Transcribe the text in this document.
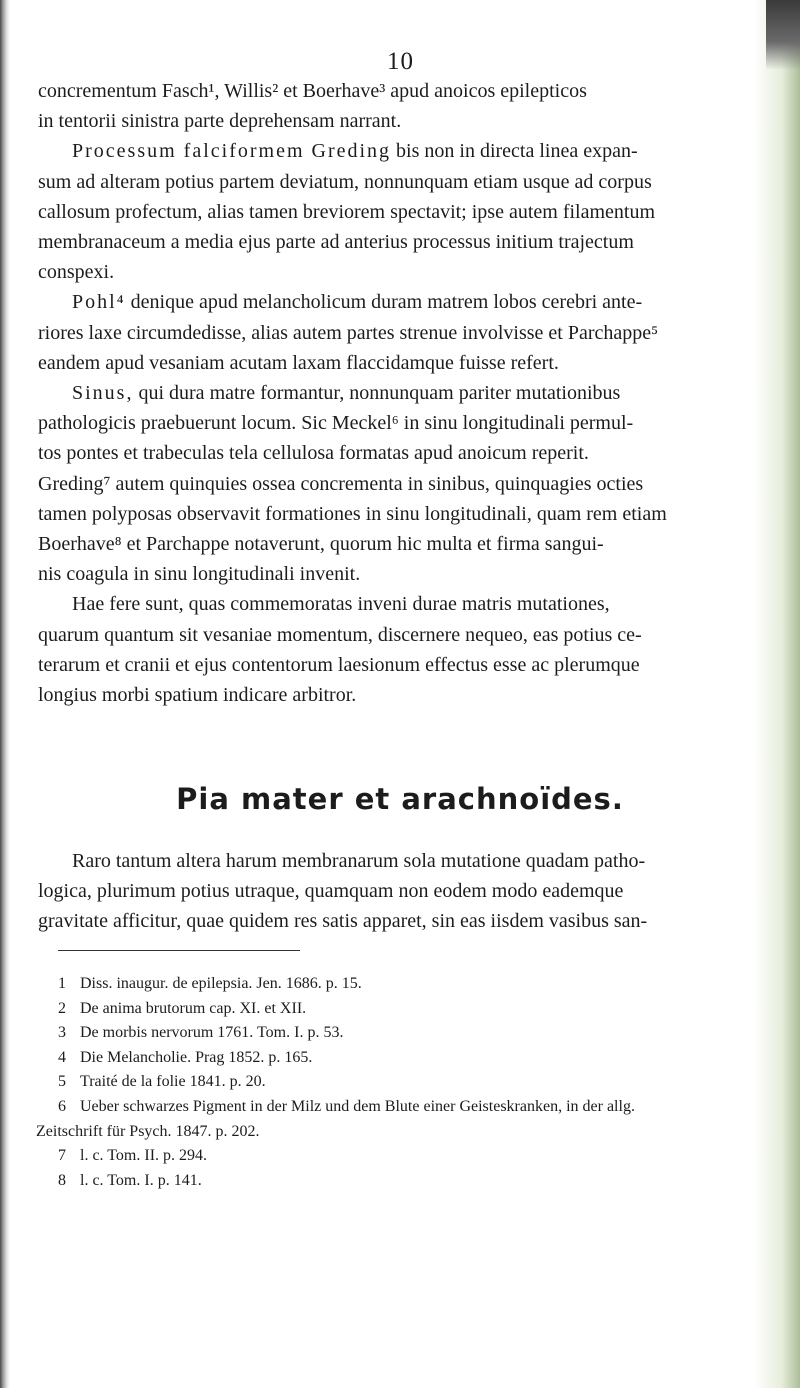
10

concrementum Fasch¹, Willis² et Boerhave³ apud anoicos epilepticos
in tentorii sinistra parte deprehensam narrant.

Processum falciformem Greding bis non in directa linea expan-
sum ad alteram potius partem deviatum, nonnunquam etiam usque ad corpus
callosum profectum, alias tamen breviorem spectavit; ipse autem filamentum
membranaceum a media ejus parte ad anterius processus initium trajectum
conspexi.

Pohl⁴ denique apud melancholicum duram matrem lobos cerebri ante-
riores laxe circumdedisse, alias autem partes strenue involvisse et Parchappe⁵
eandem apud vesaniam acutam laxam flaccidamque fuisse refert.

Sinus, qui dura matre formantur, nonnunquam pariter mutationibus
pathologicis praebuerunt locum. Sic Meckel⁶ in sinu longitudinali permul-
tos pontes et trabeculas tela cellulosa formatas apud anoicum reperit.
Greding⁷ autem quinquies ossea concrementa in sinibus, quinquagies octies
tamen polyposas observavit formationes in sinu longitudinali, quam rem etiam
Boerhave⁸ et Parchappe notaverunt, quorum hic multa et firma sangui-
nis coagula in sinu longitudinali invenit.

Hae fere sunt, quas commemoratas inveni durae matris mutationes,
quarum quantum sit vesaniae momentum, discernere nequeo, eas potius ce-
terarum et cranii et ejus contentorum laesionum effectus esse ac plerumque
longius morbi spatium indicare arbitror.

Pia mater et arachnoïdes.

Raro tantum altera harum membranarum sola mutatione quadam patho-
logica, plurimum potius utraque, quamquam non eodem modo eademque
gravitate afficitur, quae quidem res satis apparet, sin eas iisdem vasibus san-

1 Diss. inaugur. de epilepsia. Jen. 1686. p. 15.
2 De anima brutorum cap. XI. et XII.
3 De morbis nervorum 1761. Tom. I. p. 53.
4 Die Melancholie. Prag 1852. p. 165.
5 Traité de la folie 1841. p. 20.
6 Ueber schwarzes Pigment in der Milz und dem Blute einer Geisteskranken, in der allg.
Zeitschrift für Psych. 1847. p. 202.
7 l. c. Tom. II. p. 294.
8 l. c. Tom. I. p. 141.
